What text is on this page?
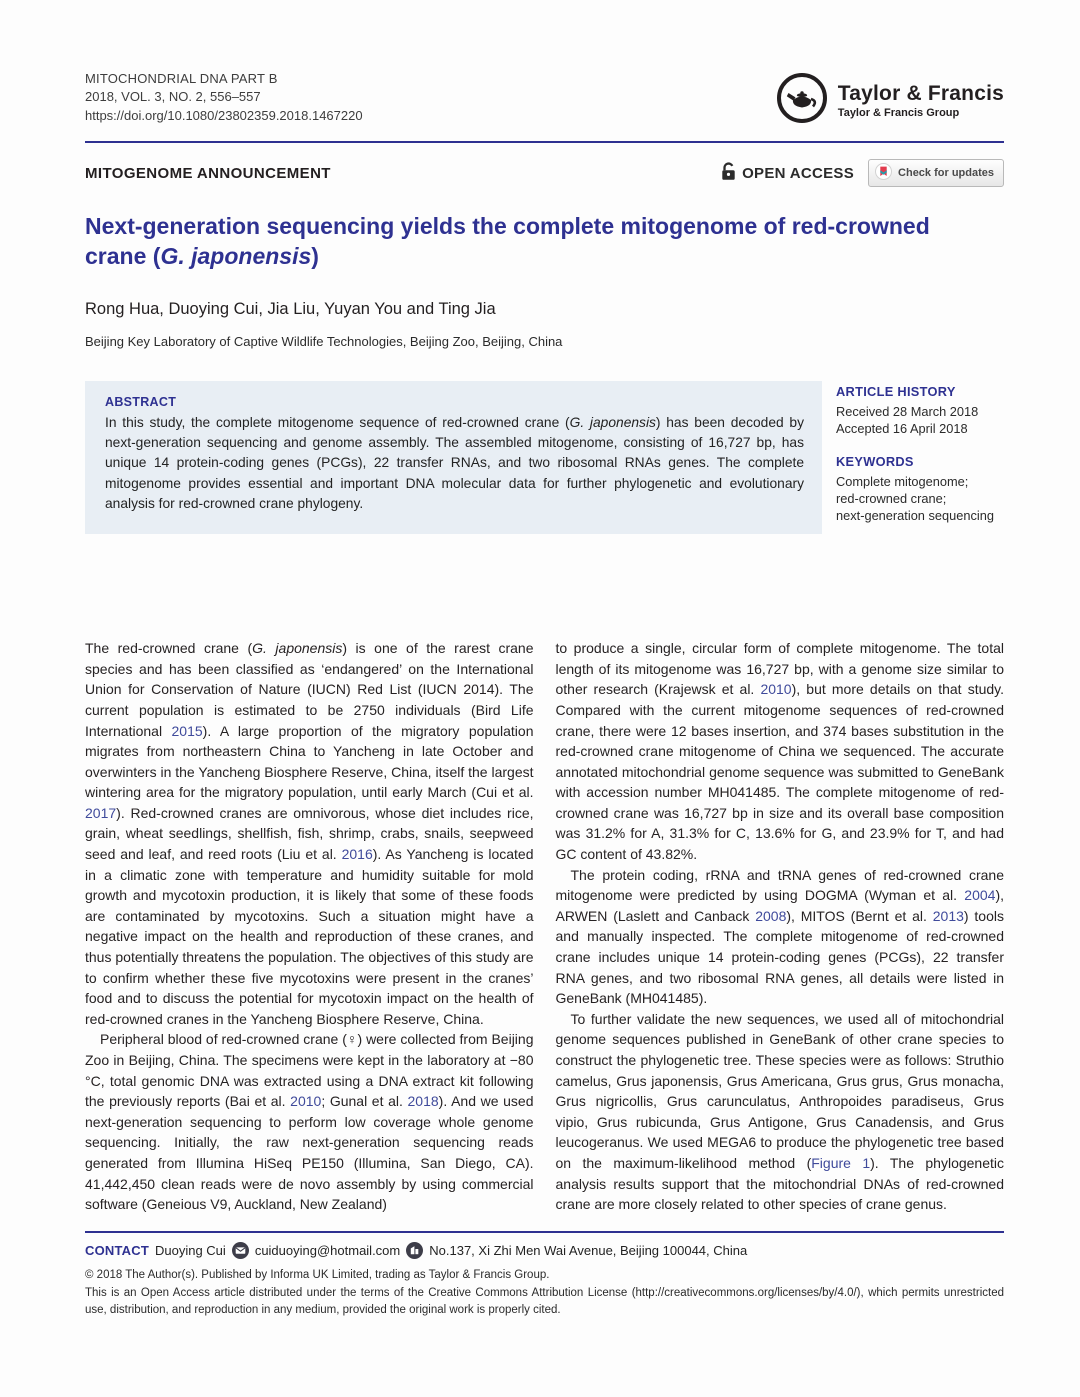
MITOCHONDRIAL DNA PART B
2018, VOL. 3, NO. 2, 556–557
https://doi.org/10.1080/23802359.2018.1467220
Taylor & Francis
Taylor & Francis Group
MITOGENOME ANNOUNCEMENT	OPEN ACCESS	Check for updates
Next-generation sequencing yields the complete mitogenome of red-crowned crane (G. japonensis)
Rong Hua, Duoying Cui, Jia Liu, Yuyan You and Ting Jia
Beijing Key Laboratory of Captive Wildlife Technologies, Beijing Zoo, Beijing, China
ABSTRACT

In this study, the complete mitogenome sequence of red-crowned crane (G. japonensis) has been decoded by next-generation sequencing and genome assembly. The assembled mitogenome, consisting of 16,727 bp, has unique 14 protein-coding genes (PCGs), 22 transfer RNAs, and two ribosomal RNAs genes. The complete mitogenome provides essential and important DNA molecular data for further phylogenetic and evolutionary analysis for red-crowned crane phylogeny.

ARTICLE HISTORY
Received 28 March 2018
Accepted 16 April 2018
KEYWORDS
Complete mitogenome;
red-crowned crane;
next-generation sequencing

The red-crowned crane (G. japonensis) is one of the rarest crane species and has been classified as ‘endangered’ on the International Union for Conservation of Nature (IUCN) Red List (IUCN 2014). The current population is estimated to be 2750 individuals (Bird Life International 2015). A large proportion of the migratory population migrates from northeastern China to Yancheng in late October and overwinters in the Yancheng Biosphere Reserve, China, itself the largest wintering area for the migratory population, until early March (Cui et al. 2017). Red-crowned cranes are omnivorous, whose diet includes rice, grain, wheat seedlings, shellfish, fish, shrimp, crabs, snails, seepweed seed and leaf, and reed roots (Liu et al. 2016). As Yancheng is located in a climatic zone with temperature and humidity suitable for mold growth and mycotoxin production, it is likely that some of these foods are contaminated by mycotoxins. Such a situation might have a negative impact on the health and reproduction of these cranes, and thus potentially threatens the population. The objectives of this study are to confirm whether these five mycotoxins were present in the cranes’ food and to discuss the potential for mycotoxin impact on the health of red-crowned cranes in the Yancheng Biosphere Reserve, China.

Peripheral blood of red-crowned crane (♀) were collected from Beijing Zoo in Beijing, China. The specimens were kept in the laboratory at −80 °C, total genomic DNA was extracted using a DNA extract kit following the previously reports (Bai et al. 2010; Gunal et al. 2018). And we used next-generation sequencing to perform low coverage whole genome sequencing. Initially, the raw next-generation sequencing reads generated from Illumina HiSeq PE150 (Illumina, San Diego, CA). 41,442,450 clean reads were de novo assembly by using commercial software (Geneious V9, Auckland, New Zealand)

to produce a single, circular form of complete mitogenome. The total length of its mitogenome was 16,727 bp, with a genome size similar to other research (Krajewsk et al. 2010), but more details on that study. Compared with the current mitogenome sequences of red-crowned crane, there were 12 bases insertion, and 374 bases substitution in the red-crowned crane mitogenome of China we sequenced. The accurate annotated mitochondrial genome sequence was submitted to GeneBank with accession number MH041485. The complete mitogenome of red-crowned crane was 16,727 bp in size and its overall base composition was 31.2% for A, 31.3% for C, 13.6% for G, and 23.9% for T, and had GC content of 43.82%.

The protein coding, rRNA and tRNA genes of red-crowned crane mitogenome were predicted by using DOGMA (Wyman et al. 2004), ARWEN (Laslett and Canback 2008), MITOS (Bernt et al. 2013) tools and manually inspected. The complete mitogenome of red-crowned crane includes unique 14 protein-coding genes (PCGs), 22 transfer RNA genes, and two ribosomal RNA genes, all details were listed in GeneBank (MH041485).

To further validate the new sequences, we used all of mitochondrial genome sequences published in GeneBank of other crane species to construct the phylogenetic tree. These species were as follows: Struthio camelus, Grus japonensis, Grus Americana, Grus grus, Grus monacha, Grus nigricollis, Grus carunculatus, Anthropoides paradiseus, Grus vipio, Grus rubicunda, Grus Antigone, Grus Canadensis, and Grus leucogeranus. We used MEGA6 to produce the phylogenetic tree based on the maximum-likelihood method (Figure 1). The phylogenetic analysis results support that the mitochondrial DNAs of red-crowned crane are more closely related to other species of crane genus.

CONTACT Duoying Cui cuiduoying@hotmail.com No.137, Xi Zhi Men Wai Avenue, Beijing 100044, China
© 2018 The Author(s). Published by Informa UK Limited, trading as Taylor & Francis Group.
This is an Open Access article distributed under the terms of the Creative Commons Attribution License (http://creativecommons.org/licenses/by/4.0/), which permits unrestricted use, distribution, and reproduction in any medium, provided the original work is properly cited.
